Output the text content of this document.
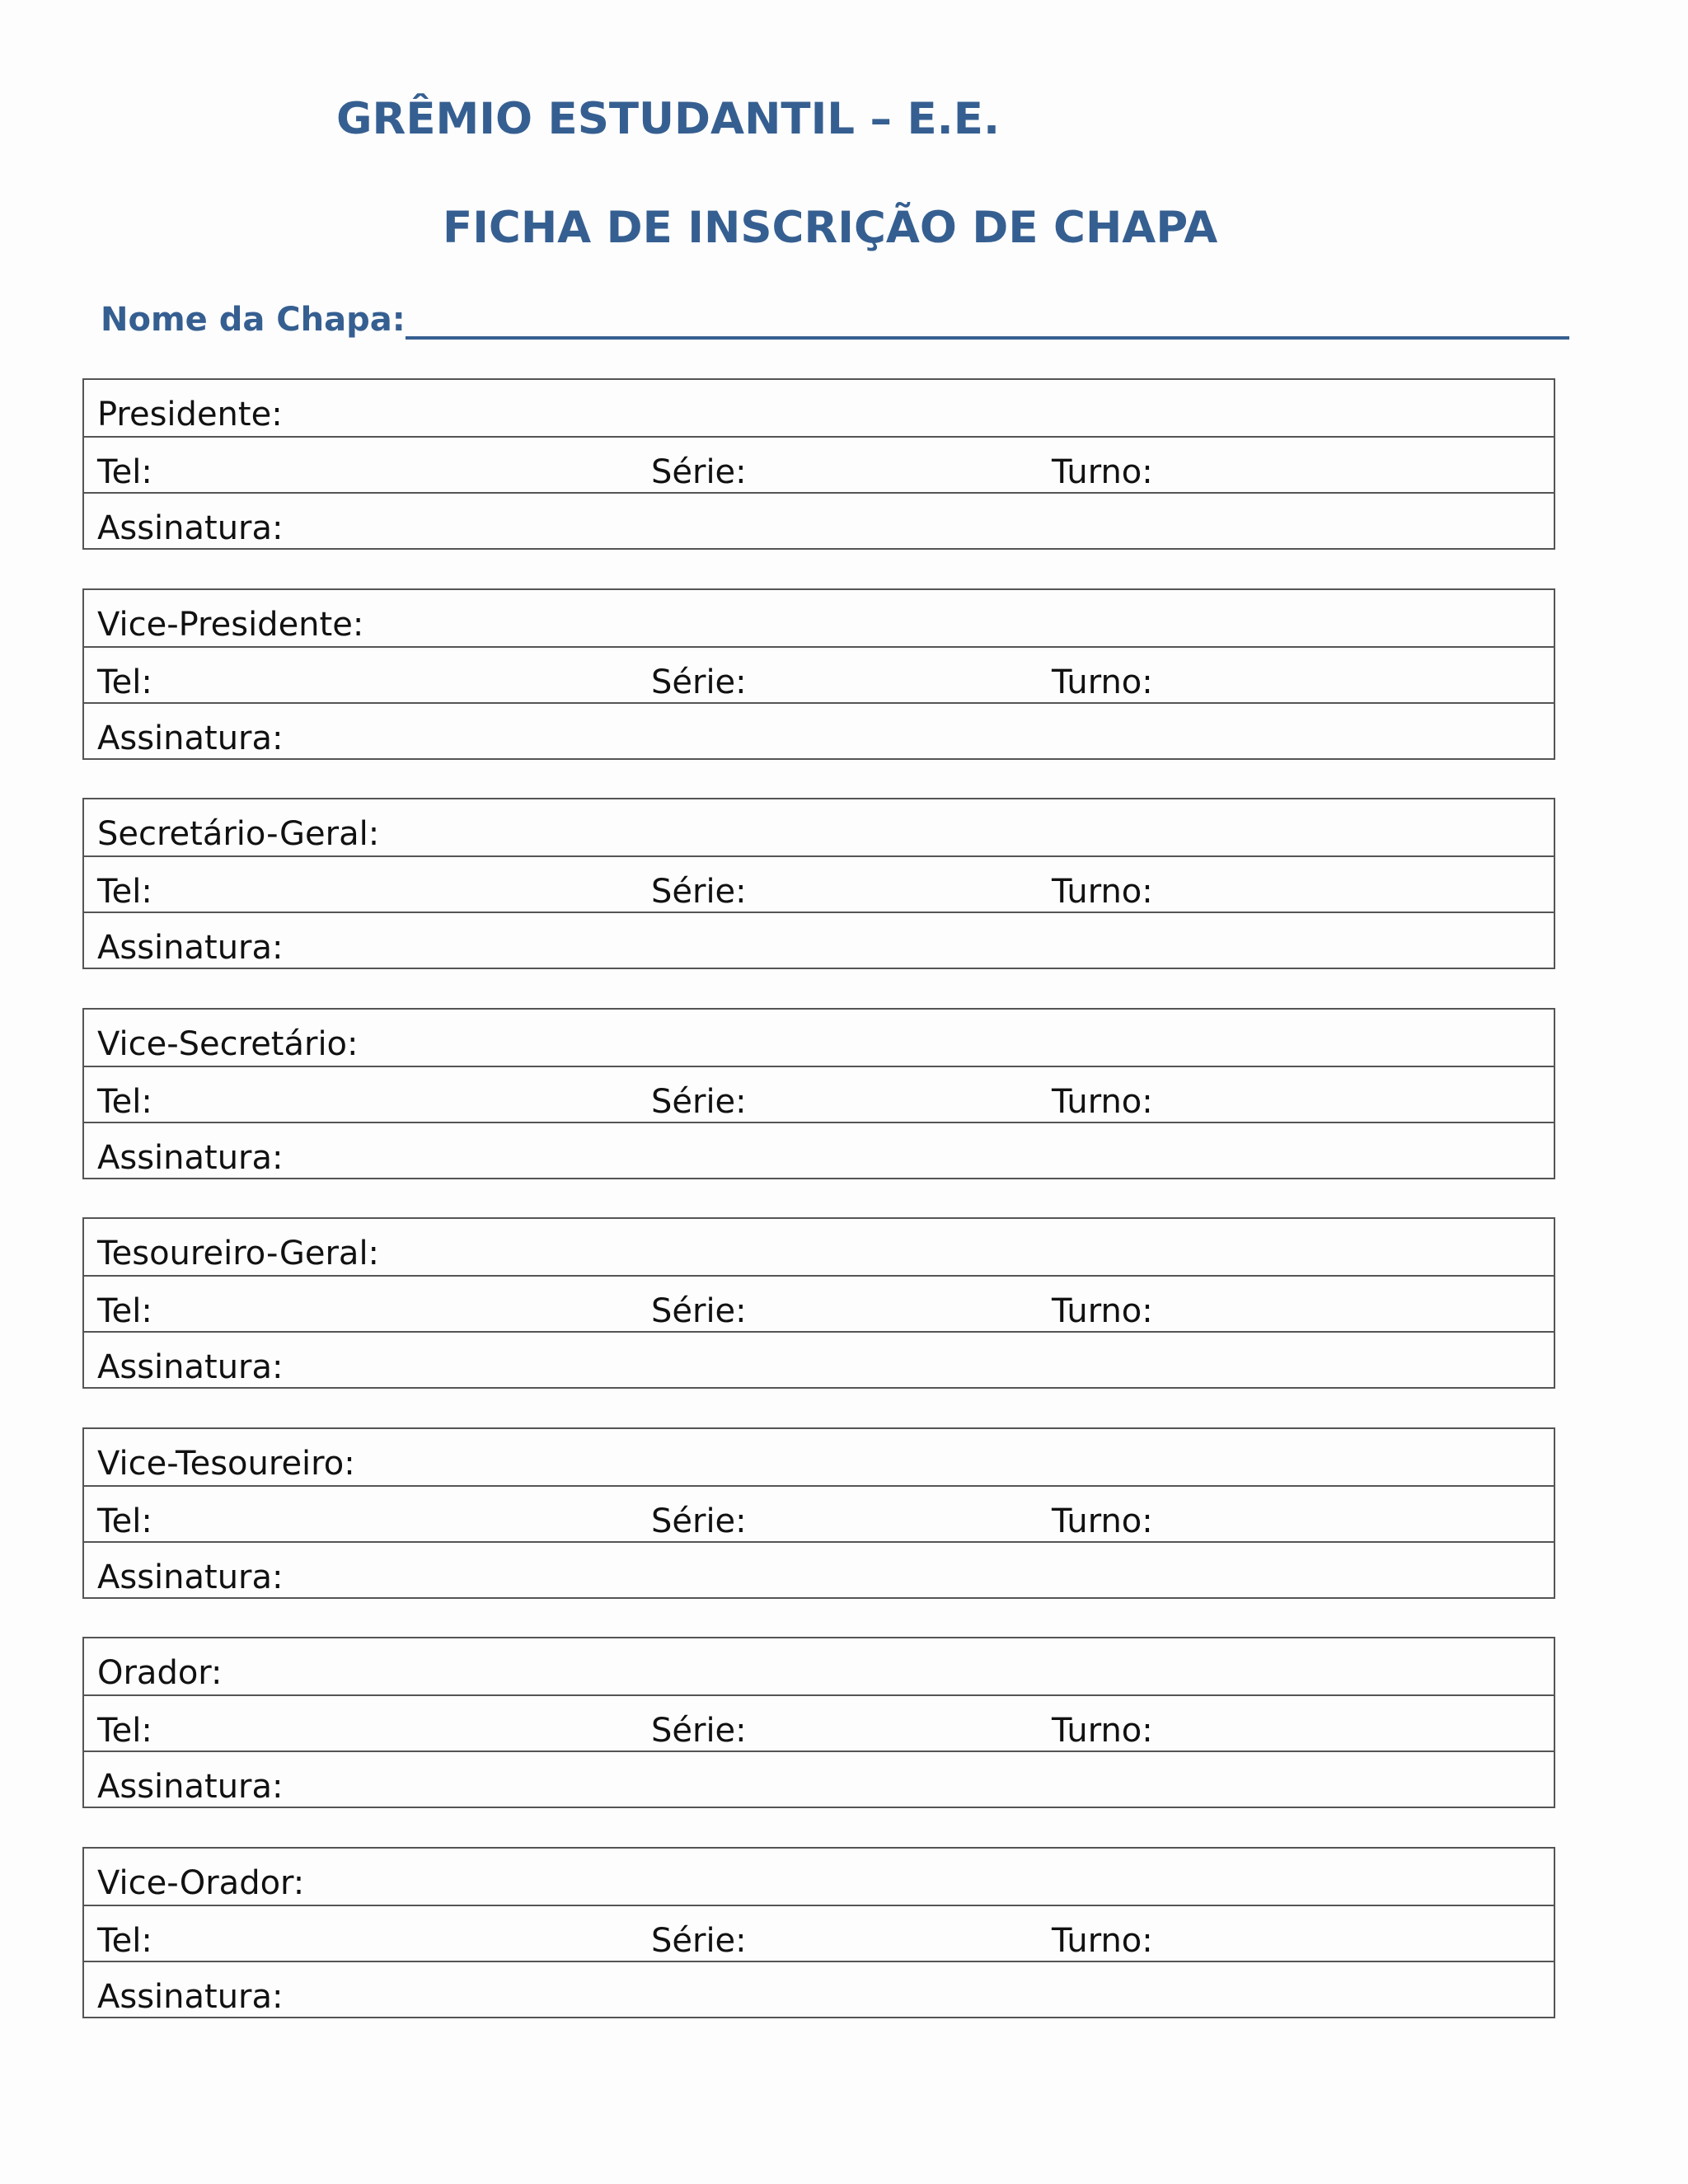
GRÊMIO ESTUDANTIL – E.E.
FICHA DE INSCRIÇÃO DE CHAPA
Nome da Chapa:
Presidente:
Tel:	Série:	Turno:
Assinatura:
Vice-Presidente:
Tel:	Série:	Turno:
Assinatura:
Secretário-Geral:
Tel:	Série:	Turno:
Assinatura:
Vice-Secretário:
Tel:	Série:	Turno:
Assinatura:
Tesoureiro-Geral:
Tel:	Série:	Turno:
Assinatura:
Vice-Tesoureiro:
Tel:	Série:	Turno:
Assinatura:
Orador:
Tel:	Série:	Turno:
Assinatura:
Vice-Orador:
Tel:	Série:	Turno:
Assinatura:
